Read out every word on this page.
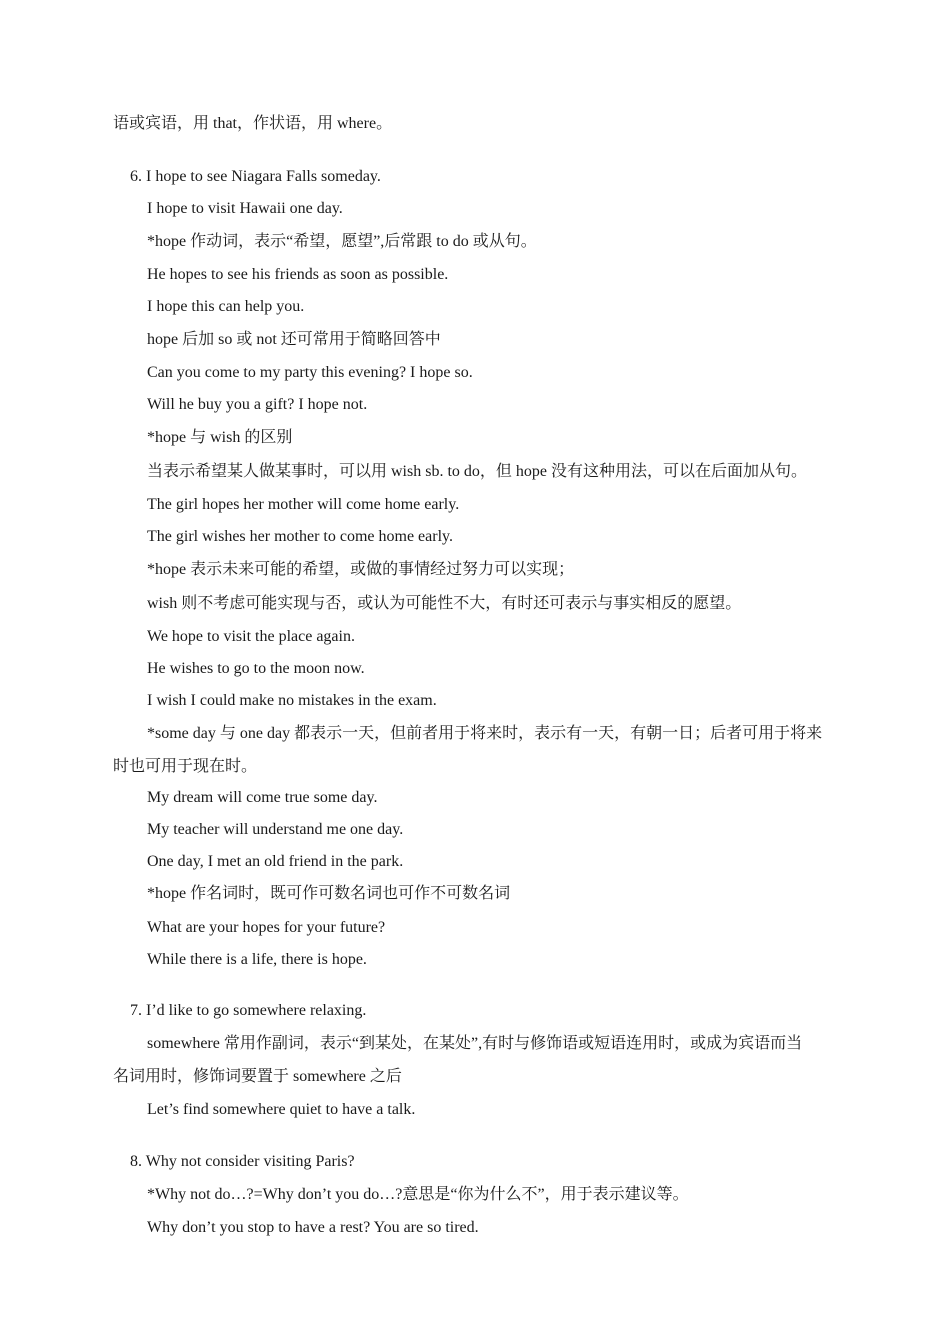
语或宾语，用 that，作状语，用 where。
6. I hope to see Niagara Falls someday.
I hope to visit Hawaii one day.
*hope 作动词，表示“希望，愿望”,后常跟 to do 或从句。
He hopes to see his friends as soon as possible.
I hope this can help you.
hope 后加 so 或 not 还可常用于简略回答中
Can you come to my party this evening? I hope so.
Will he buy you a gift? I hope not.
*hope 与 wish 的区别
当表示希望某人做某事时，可以用 wish sb. to do，但 hope 没有这种用法，可以在后面加从句。
The girl hopes her mother will come home early.
The girl wishes her mother to come home early.
*hope 表示未来可能的希望，或做的事情经过努力可以实现；
wish 则不考虑可能实现与否，或认为可能性不大，有时还可表示与事实相反的愿望。
We hope to visit the place again.
He wishes to go to the moon now.
I wish I could make no mistakes in the exam.
*some day 与 one day 都表示一天，但前者用于将来时，表示有一天，有朝一日；后者可用于将来
时也可用于现在时。
My dream will come true some day.
My teacher will understand me one day.
One day, I met an old friend in the park.
*hope 作名词时，既可作可数名词也可作不可数名词
What are your hopes for your future?
While there is a life, there is hope.
7. I’d like to go somewhere relaxing.
somewhere 常用作副词，表示“到某处，在某处”,有时与修饰语或短语连用时，或成为宾语而当
名词用时，修饰词要置于 somewhere 之后
Let’s find somewhere quiet to have a talk.
8. Why not consider visiting Paris?
*Why not do…?=Why don’t you do…?意思是“你为什么不”，用于表示建议等。
Why don’t you stop to have a rest? You are so tired.
